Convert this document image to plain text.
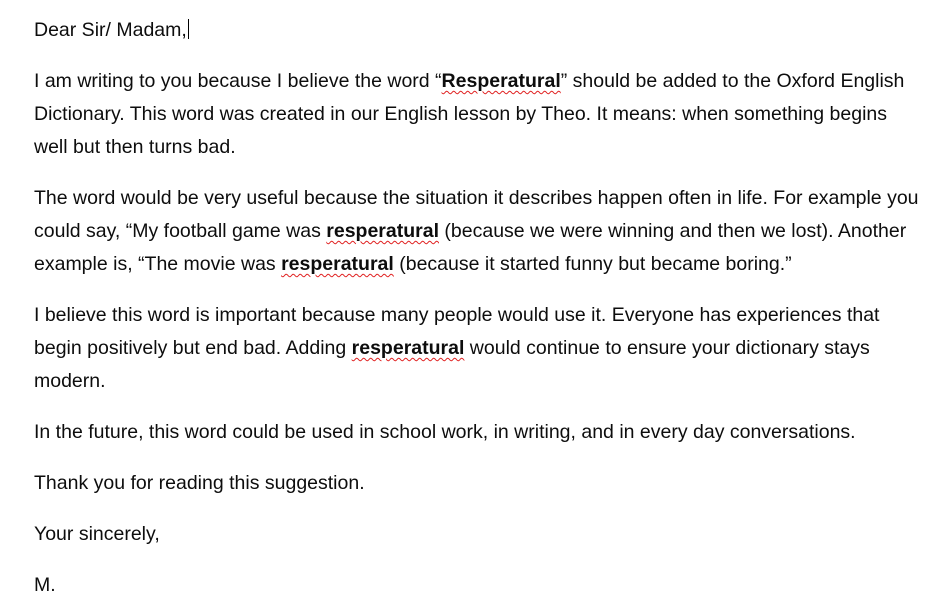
Dear Sir/ Madam,

I am writing to you because I believe the word “Resperatural” should be added to the Oxford English Dictionary. This word was created in our English lesson by Theo. It means: when something begins well but then turns bad.

The word would be very useful because the situation it describes happen often in life. For example you could say, “My football game was resperatural (because we were winning and then we lost). Another example is, “The movie was resperatural (because it started funny but became boring.”

I believe this word is important because many people would use it. Everyone has experiences that begin positively but end bad. Adding resperatural would continue to ensure your dictionary stays modern.

In the future, this word could be used in school work, in writing, and in every day conversations.

Thank you for reading this suggestion.

Your sincerely,

M.
